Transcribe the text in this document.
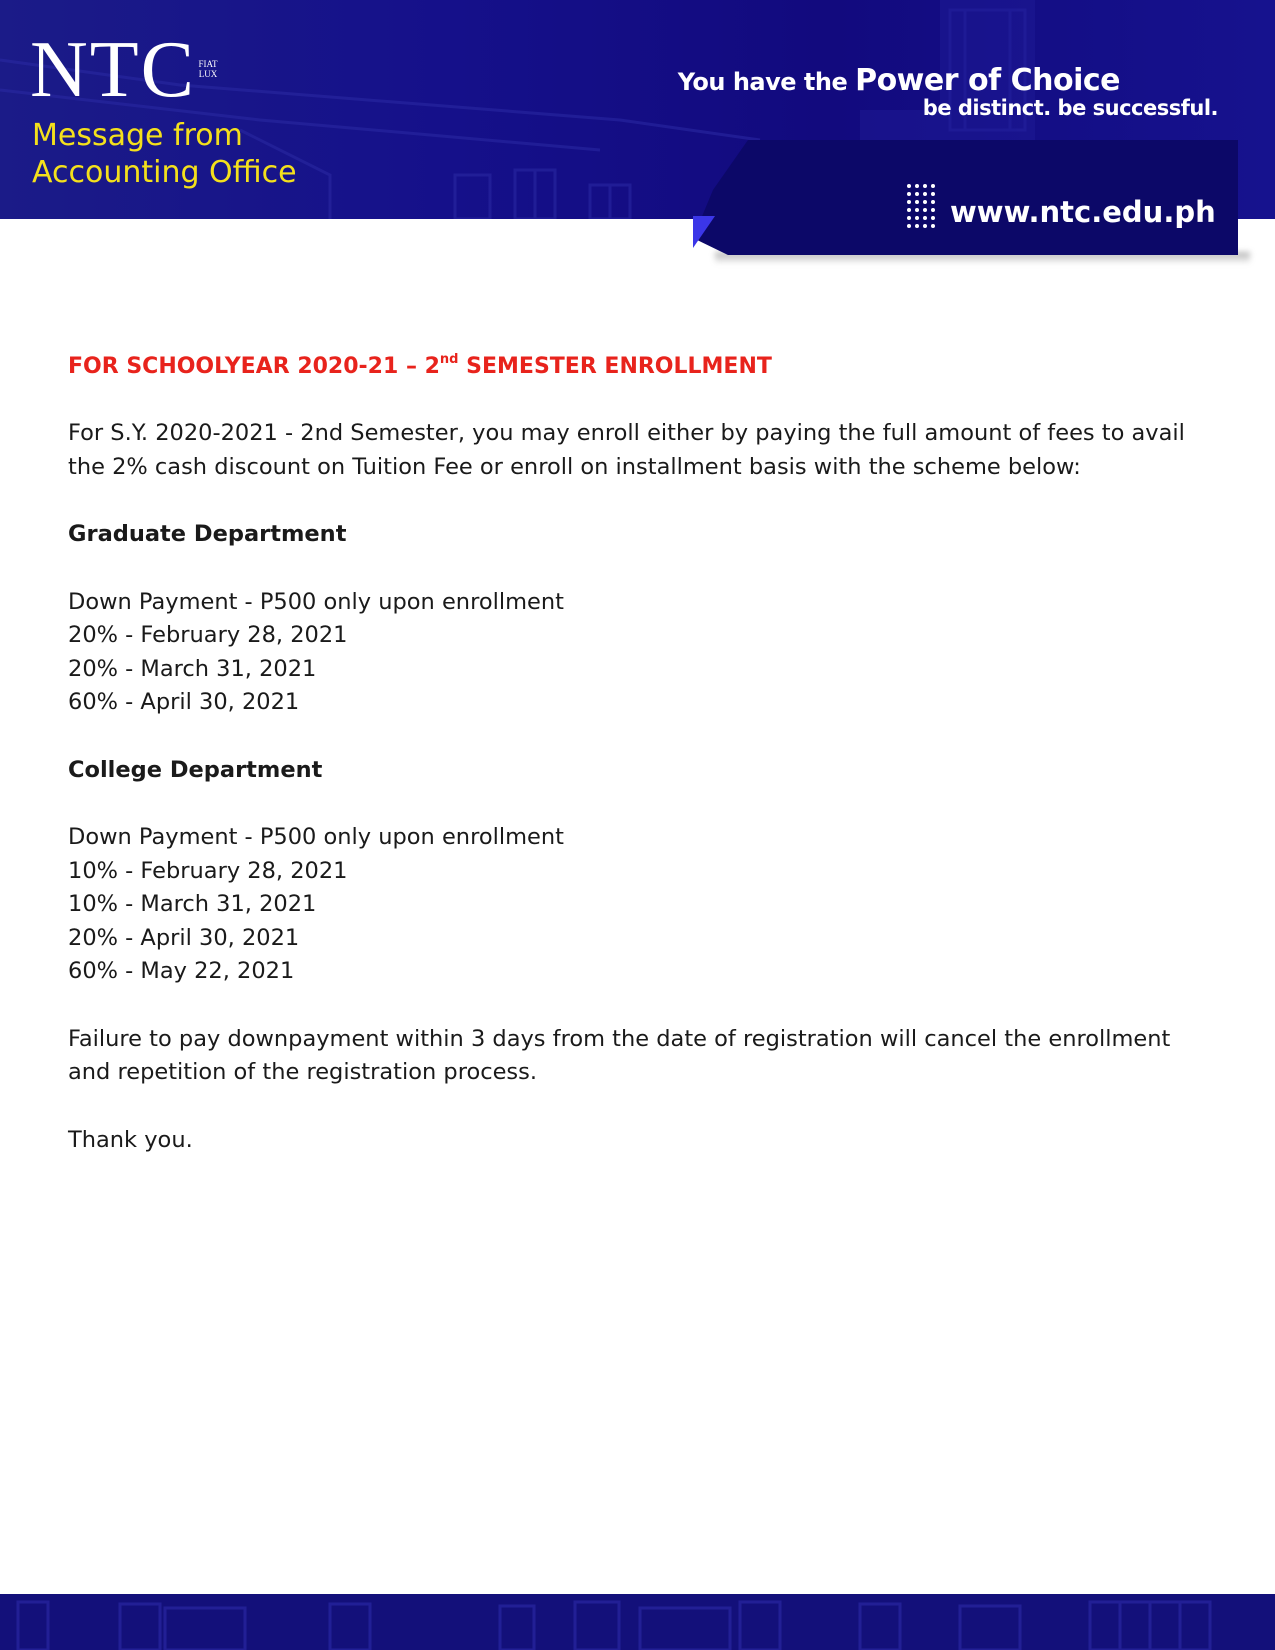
NTC FIAT LUX
Message from
Accounting Office
You have the Power of Choice
be distinct. be successful.
www.ntc.edu.ph
FOR SCHOOLYEAR 2020-21 – 2nd SEMESTER ENROLLMENT
For S.Y. 2020-2021 - 2nd Semester, you may enroll either by paying the full amount of fees to avail
the 2% cash discount on Tuition Fee or enroll on installment basis with the scheme below:
Graduate Department
Down Payment - P500 only upon enrollment
20% - February 28, 2021
20% - March 31, 2021
60% - April 30, 2021
College Department
Down Payment - P500 only upon enrollment
10% - February 28, 2021
10% - March 31, 2021
20% - April 30, 2021
60% - May 22, 2021
Failure to pay downpayment within 3 days from the date of registration will cancel the enrollment
and repetition of the registration process.
Thank you.
